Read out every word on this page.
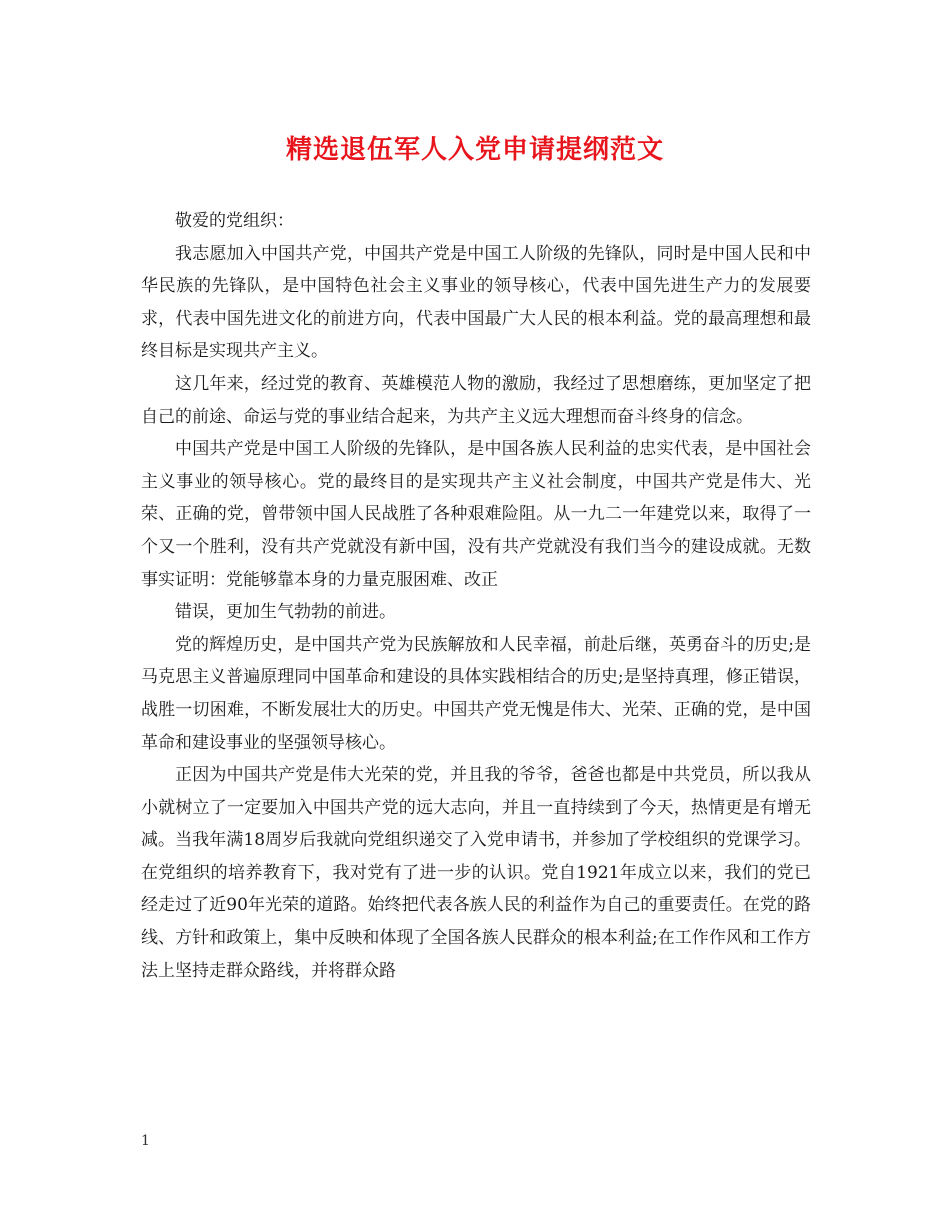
精选退伍军人入党申请提纲范文

敬爱的党组织：

我志愿加入中国共产党，中国共产党是中国工人阶级的先锋队，同时是中国人民和中华民族的先锋队，是中国特色社会主义事业的领导核心，代表中国先进生产力的发展要求，代表中国先进文化的前进方向，代表中国最广大人民的根本利益。党的最高理想和最终目标是实现共产主义。

这几年来，经过党的教育、英雄模范人物的激励，我经过了思想磨练，更加坚定了把自己的前途、命运与党的事业结合起来，为共产主义远大理想而奋斗终身的信念。

中国共产党是中国工人阶级的先锋队，是中国各族人民利益的忠实代表，是中国社会主义事业的领导核心。党的最终目的是实现共产主义社会制度，中国共产党是伟大、光荣、正确的党，曾带领中国人民战胜了各种艰难险阻。从一九二一年建党以来，取得了一个又一个胜利，没有共产党就没有新中国，没有共产党就没有我们当今的建设成就。无数事实证明：党能够靠本身的力量克服困难、改正

错误，更加生气勃勃的前进。

党的辉煌历史，是中国共产党为民族解放和人民幸福，前赴后继，英勇奋斗的历史;是马克思主义普遍原理同中国革命和建设的具体实践相结合的历史;是坚持真理，修正错误，战胜一切困难，不断发展壮大的历史。中国共产党无愧是伟大、光荣、正确的党，是中国革命和建设事业的坚强领导核心。

正因为中国共产党是伟大光荣的党，并且我的爷爷，爸爸也都是中共党员，所以我从小就树立了一定要加入中国共产党的远大志向，并且一直持续到了今天，热情更是有增无减。当我年满18周岁后我就向党组织递交了入党申请书，并参加了学校组织的党课学习。在党组织的培养教育下，我对党有了进一步的认识。党自1921年成立以来，我们的党已经走过了近90年光荣的道路。始终把代表各族人民的利益作为自己的重要责任。在党的路线、方针和政策上，集中反映和体现了全国各族人民群众的根本利益;在工作作风和工作方法上坚持走群众路线，并将群众路

1
